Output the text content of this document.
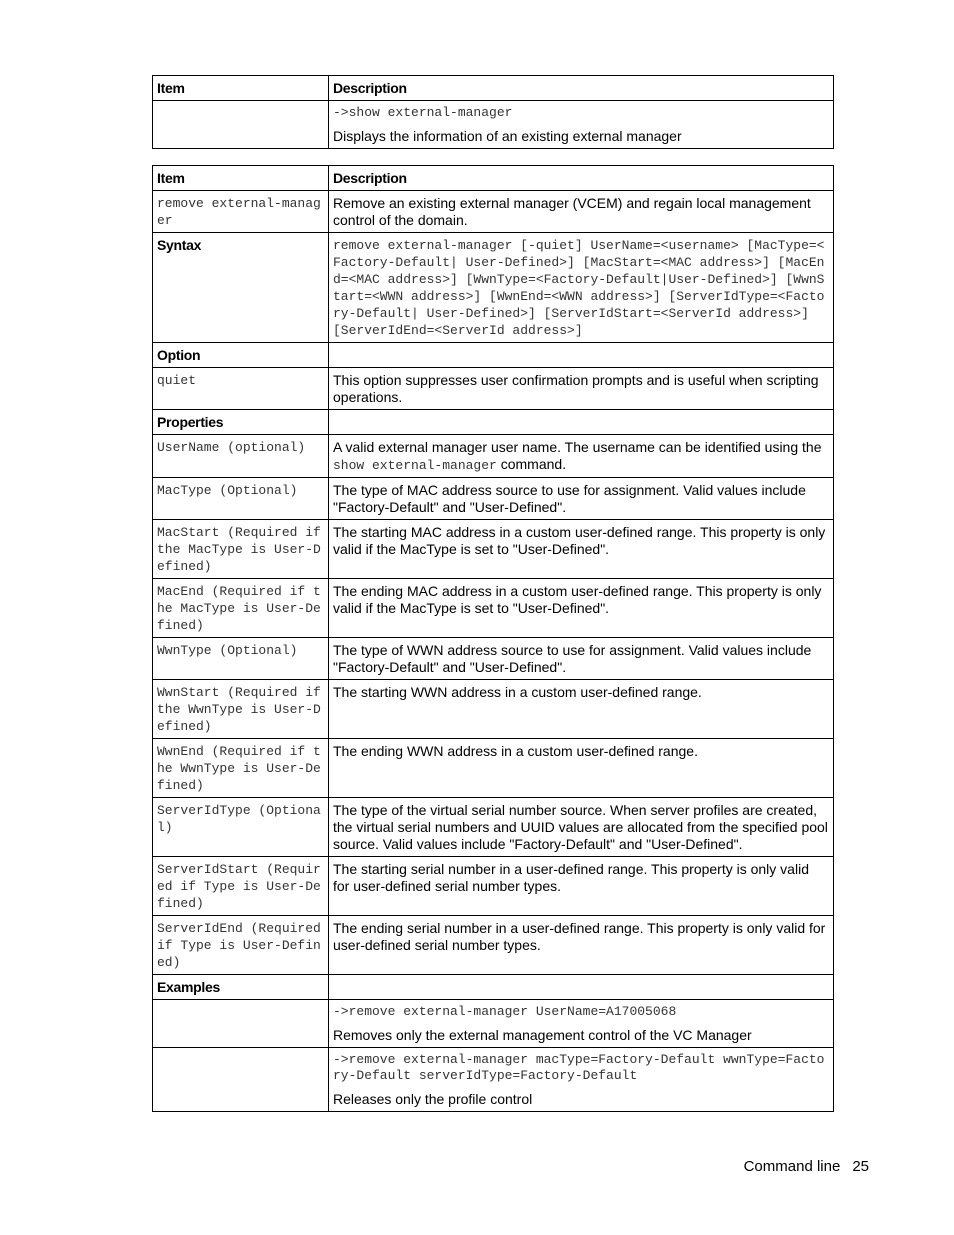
Item	Description

	->show external-manager
Displays the information of an existing external manager
Item	Description
remove external-manager	Remove an existing external manager (VCEM) and regain local management control of the domain.
Syntax	remove external-manager [-quiet] UserName=<username> [MacType=<Factory-Default| User-Defined>] [MacStart=<MAC address>] [MacEnd=<MAC address>] [WwnType=<Factory-Default|User-Defined>] [WwnStart=<WWN address>] [WwnEnd=<WWN address>] [ServerIdType=<Factory-Default| User-Defined>] [ServerIdStart=<ServerId address>] [ServerIdEnd=<ServerId address>]
Option	
quiet	This option suppresses user confirmation prompts and is useful when scripting operations.
Properties	
UserName (optional)	A valid external manager user name. The username can be identified using the show external-manager command.
MacType (Optional)	The type of MAC address source to use for assignment. Valid values include "Factory-Default" and "User-Defined".
MacStart (Required if the MacType is User-Defined)	The starting MAC address in a custom user-defined range. This property is only valid if the MacType is set to "User-Defined".
MacEnd (Required if the MacType is User-Defined)	The ending MAC address in a custom user-defined range. This property is only valid if the MacType is set to "User-Defined".
WwnType (Optional)	The type of WWN address source to use for assignment. Valid values include "Factory-Default" and "User-Defined".
WwnStart (Required if the WwnType is User-Defined)	The starting WWN address in a custom user-defined range.
WwnEnd (Required if the WwnType is User-Defined)	The ending WWN address in a custom user-defined range.
ServerIdType (Optional)	The type of the virtual serial number source. When server profiles are created, the virtual serial numbers and UUID values are allocated from the specified pool source. Valid values include "Factory-Default" and "User-Defined".
ServerIdStart (Required if Type is User-Defined)	The starting serial number in a user-defined range. This property is only valid for user-defined serial number types.
ServerIdEnd (Required if Type is User-Defined)	The ending serial number in a user-defined range. This property is only valid for user-defined serial number types.
Examples	

	->remove external-manager UserName=A17005068
Removes only the external management control of the VC Manager

	->remove external-manager macType=Factory-Default wwnType=Factory-Default serverIdType=Factory-Default
Releases only the profile control
Command line 25
